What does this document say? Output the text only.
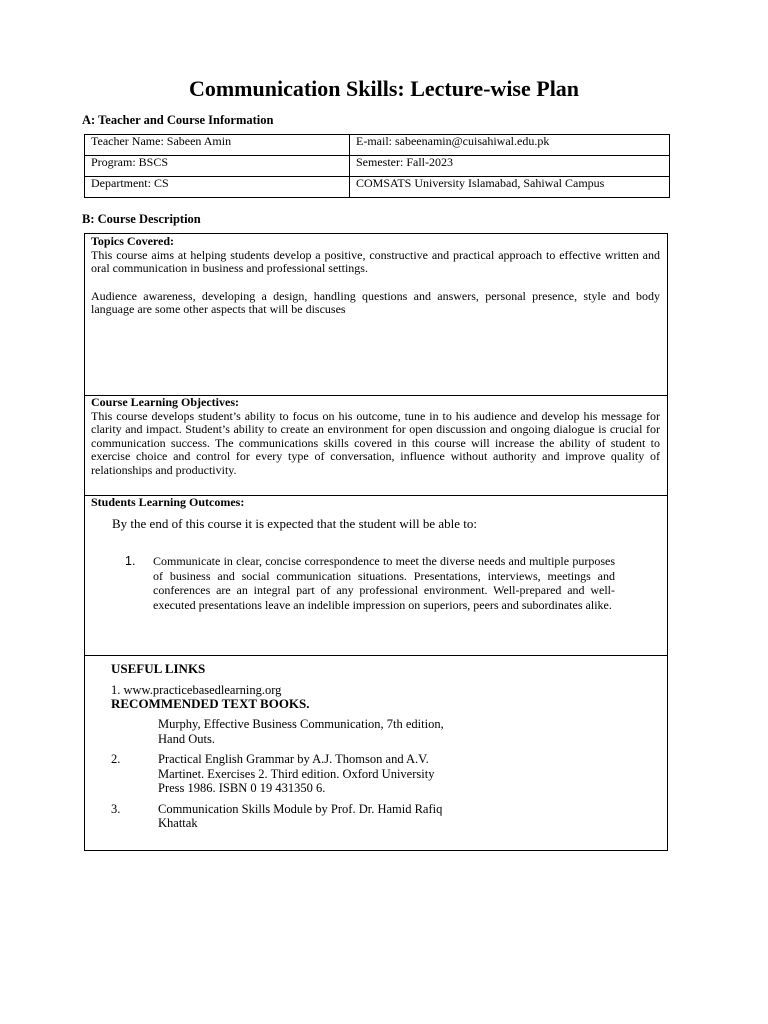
Communication Skills: Lecture-wise Plan
A: Teacher and Course Information
Teacher Name: Sabeen Amin	E-mail: sabeenamin@cuisahiwal.edu.pk
Program: BSCS	Semester: Fall-2023
Department: CS	COMSATS University Islamabad, Sahiwal Campus
B: Course Description

Topics Covered:

This course aims at helping students develop a positive, constructive and practical approach to effective written and oral communication in business and professional settings.

Audience awareness, developing a design, handling questions and answers, personal presence, style and body language are some other aspects that will be discuses

Course Learning Objectives:

This course develops student’s ability to focus on his outcome, tune in to his audience and develop his message for clarity and impact. Student’s ability to create an environment for open discussion and ongoing dialogue is crucial for communication success. The communications skills covered in this course will increase the ability of student to exercise choice and control for every type of conversation, influence without authority and improve quality of relationships and productivity.

Students Learning Outcomes:

By the end of this course it is expected that the student will be able to:

1. Communicate in clear, concise correspondence to meet the diverse needs and multiple purposes of business and social communication situations. Presentations, interviews, meetings and conferences are an integral part of any professional environment. Well-prepared and well-executed presentations leave an indelible impression on superiors, peers and subordinates alike.

USEFUL LINKS

1. www.practicebasedlearning.org

RECOMMENDED TEXT BOOKS.

Murphy, Effective Business Communication, 7th edition, Hand Outs.

2.	Practical English Grammar by A.J. Thomson and A.V. Martinet. Exercises 2. Third edition. Oxford University Press 1986. ISBN 0 19 431350 6.

3.	Communication Skills Module by Prof. Dr. Hamid Rafiq Khattak
